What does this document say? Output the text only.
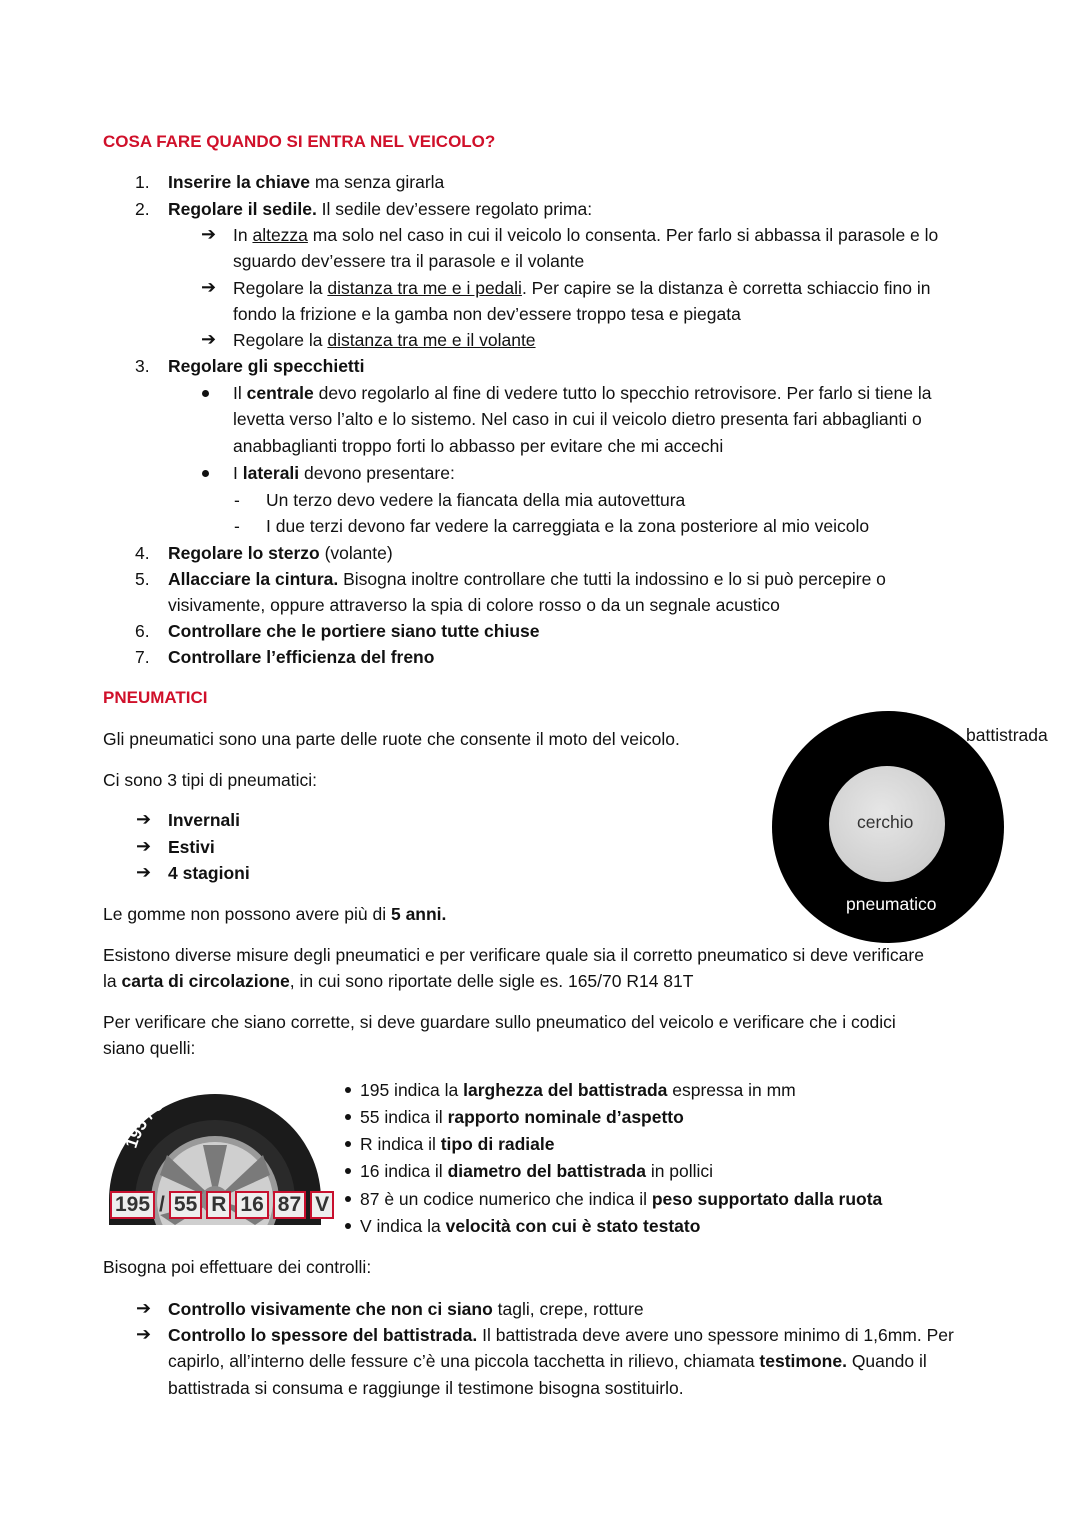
COSA FARE QUANDO SI ENTRA NEL VEICOLO?
1. Inserire la chiave ma senza girarla
2. Regolare il sedile. Il sedile dev’essere regolato prima:
➔ In altezza ma solo nel caso in cui il veicolo lo consenta. Per farlo si abbassa il parasole e lo
sguardo dev’essere tra il parasole e il volante
➔ Regolare la distanza tra me e i pedali. Per capire se la distanza è corretta schiaccio fino in
fondo la frizione e la gamba non dev’essere troppo tesa e piegata
➔ Regolare la distanza tra me e il volante
3. Regolare gli specchietti
Il centrale devo regolarlo al fine di vedere tutto lo specchio retrovisore. Per farlo si tiene la
levetta verso l’alto e lo sistemo. Nel caso in cui il veicolo dietro presenta fari abbaglianti o
anabbaglianti troppo forti lo abbasso per evitare che mi accechi
I laterali devono presentare:
- Un terzo devo vedere la fiancata della mia autovettura
- I due terzi devono far vedere la carreggiata e la zona posteriore al mio veicolo
4. Regolare lo sterzo (volante)
5. Allacciare la cintura. Bisogna inoltre controllare che tutti la indossino e lo si può percepire o
visivamente, oppure attraverso la spia di colore rosso o da un segnale acustico
6. Controllare che le portiere siano tutte chiuse
7. Controllare l’efficienza del freno
PNEUMATICI
Gli pneumatici sono una parte delle ruote che consente il moto del veicolo.
Ci sono 3 tipi di pneumatici:
➔ Invernali
➔ Estivi
➔ 4 stagioni
Le gomme non possono avere più di 5 anni.
cerchio
pneumatico
battistrada
Esistono diverse misure degli pneumatici e per verificare quale sia il corretto pneumatico si deve verificare
la carta di circolazione, in cui sono riportate delle sigle es. 165/70 R14 81T
Per verificare che siano corrette, si deve guardare sullo pneumatico del veicolo e verificare che i codici
siano quelli:
195 / 55 R 16 87V
195 / 55 R 16 87 V
195 indica la larghezza del battistrada espressa in mm
55 indica il rapporto nominale d’aspetto
R indica il tipo di radiale
16 indica il diametro del battistrada in pollici
87 è un codice numerico che indica il peso supportato dalla ruota
V indica la velocità con cui è stato testato
Bisogna poi effettuare dei controlli:
➔ Controllo visivamente che non ci siano tagli, crepe, rotture
➔ Controllo lo spessore del battistrada. Il battistrada deve avere uno spessore minimo di 1,6mm. Per
capirlo, all’interno delle fessure c’è una piccola tacchetta in rilievo, chiamata testimone. Quando il
battistrada si consuma e raggiunge il testimone bisogna sostituirlo.
